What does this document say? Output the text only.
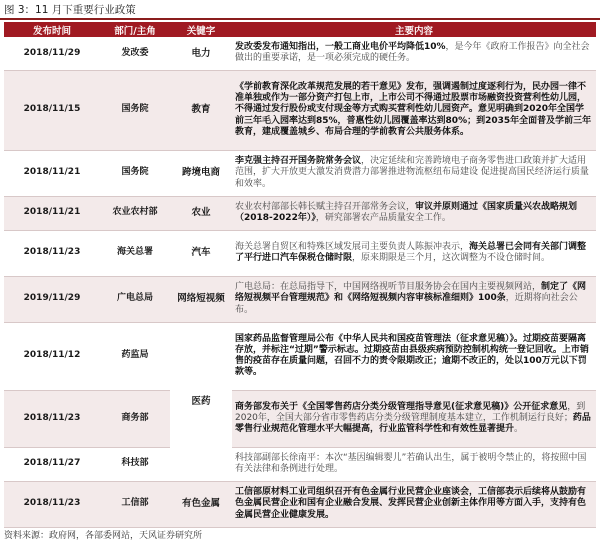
图 3：11 月下重要行业政策
发布时间	部门/主角	关键字	主要内容
2018/11/29	发改委	电力	发改委发布通知指出，一般工商业电价平均降低10%，是今年《政府工作报告》向全社会做出的重要承诺，是一项必须完成的硬任务。
2018/11/15	国务院	教育	《学前教育深化改革规范发展的若干意见》发布，强调遏制过度逐利行为，民办园一律不准单独或作为一部分资产打包上市，上市公司不得通过股票市场融资投资营利性幼儿园，不得通过发行股份或支付现金等方式购买营利性幼儿园资产。意见明确到2020年全国学前三年毛入园率达到85%，普惠性幼儿园覆盖率达到80%；到2035年全面普及学前三年教育，建成覆盖城乡、布局合理的学前教育公共服务体系。
2018/11/21	国务院	跨境电商	李克强主持召开国务院常务会议，决定延续和完善跨境电子商务零售进口政策并扩大适用范围，扩大开放更大激发消费潜力部署推进物流枢纽布局建设 促进提高国民经济运行质量和效率。
2018/11/21	农业农村部	农业	农业农村部部长韩长赋主持召开部常务会议，审议并原则通过《国家质量兴农战略规划（2018-2022年）》，研究部署农产品质量安全工作。
2018/11/23	海关总署	汽车	海关总署自贸区和特殊区域发展司主要负责人陈振冲表示，海关总署已会同有关部门调整了平行进口汽车保税仓储时限，原来期限是三个月，这次调整为不设仓储时间。
2019/11/29	广电总局	网络短视频	广电总局：在总局指导下，中国网络视听节目服务协会在国内主要视频网站，制定了《网络短视频平台管理规范》和《网络短视频内容审核标准细则》100条，近期将向社会公布。
2018/11/12	药监局	医药	国家药品监督管理局公布《中华人民共和国疫苗管理法（征求意见稿）》。过期疫苗要隔离存放，并标注“过期”警示标志。过期疫苗由县级疾病预防控制机构统一登记回收。上市销售的疫苗存在质量问题，召回不力的责令限期改正；逾期不改正的，处以100万元以下罚款等。
2018/11/23	商务部		商务部发布关于《全国零售药店分类分级管理指导意见(征求意见稿)》公开征求意见，到2020年，全国大部分省市零售药店分类分级管理制度基本建立，工作机制运行良好；药品零售行业规范化管理水平大幅提高，行业监管科学性和有效性显著提升。
2018/11/27	科技部		科技部副部长徐南平：本次“基因编辑婴儿”若确认出生，属于被明令禁止的，将按照中国有关法律和条例进行处理。
2018/11/23	工信部	有色金属	工信部原材料工业司组织召开有色金属行业民营企业座谈会，工信部表示后续将从鼓励有色金属民营企业和国有企业融合发展、发挥民营企业创新主体作用等方面入手，支持有色金属民营企业健康发展。
资料来源：政府网，各部委网站，天风证券研究所
